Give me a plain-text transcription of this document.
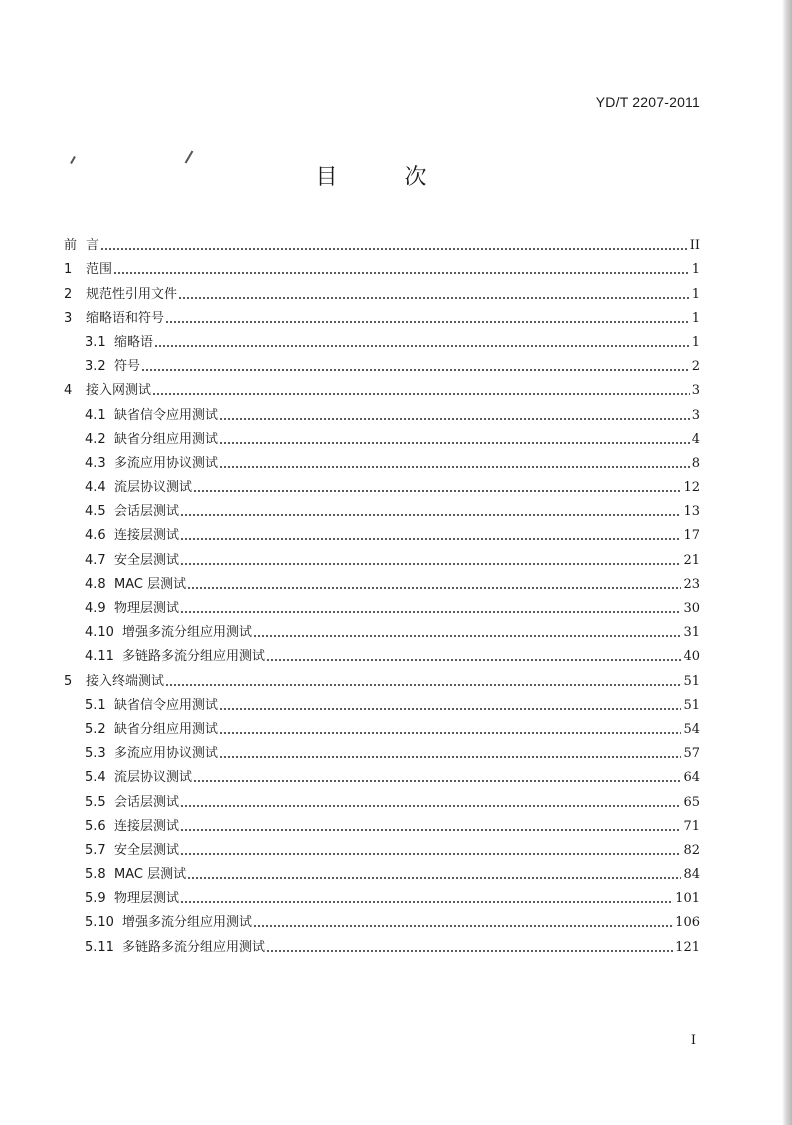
YD/T 2207-2011
目 次
前 言	II
1	范围	1
2	规范性引用文件	1
3	缩略语和符号	1
3.1 缩略语	1
3.2 符号	2
4	接入网测试	3
4.1 缺省信令应用测试	3
4.2 缺省分组应用测试	4
4.3 多流应用协议测试	8
4.4 流层协议测试	12
4.5 会话层测试	13
4.6 连接层测试	17
4.7 安全层测试	21
4.8 MAC 层测试	23
4.9 物理层测试	30
4.10 增强多流分组应用测试	31
4.11 多链路多流分组应用测试	40
5	接入终端测试	51
5.1 缺省信令应用测试	51
5.2 缺省分组应用测试	54
5.3 多流应用协议测试	57
5.4 流层协议测试	64
5.5 会话层测试	65
5.6 连接层测试	71
5.7 安全层测试	82
5.8 MAC 层测试	84
5.9 物理层测试	101
5.10 增强多流分组应用测试	106
5.11 多链路多流分组应用测试	121
I
